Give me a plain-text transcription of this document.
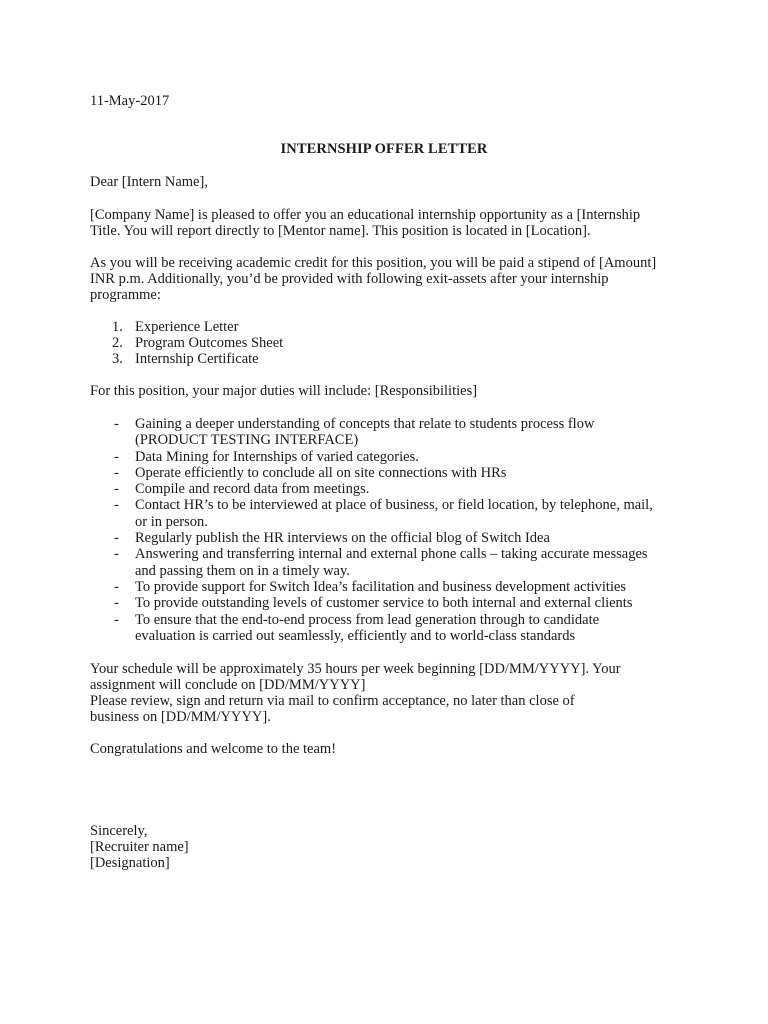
11-May-2017
INTERNSHIP OFFER LETTER
Dear [Intern Name],
[Company Name] is pleased to offer you an educational internship opportunity as a [Internship
Title. You will report directly to [Mentor name]. This position is located in [Location].
As you will be receiving academic credit for this position, you will be paid a stipend of [Amount]
INR p.m. Additionally, you’d be provided with following exit-assets after your internship
programme:
1. Experience Letter
2. Program Outcomes Sheet
3. Internship Certificate
For this position, your major duties will include: [Responsibilities]
- Gaining a deeper understanding of concepts that relate to students process flow
(PRODUCT TESTING INTERFACE)
- Data Mining for Internships of varied categories.
- Operate efficiently to conclude all on site connections with HRs
- Compile and record data from meetings.
- Contact HR’s to be interviewed at place of business, or field location, by telephone, mail,
or in person.
- Regularly publish the HR interviews on the official blog of Switch Idea
- Answering and transferring internal and external phone calls – taking accurate messages
and passing them on in a timely way.
- To provide support for Switch Idea’s facilitation and business development activities
- To provide outstanding levels of customer service to both internal and external clients
- To ensure that the end-to-end process from lead generation through to candidate
evaluation is carried out seamlessly, efficiently and to world-class standards
Your schedule will be approximately 35 hours per week beginning [DD/MM/YYYY]. Your
assignment will conclude on [DD/MM/YYYY]
Please review, sign and return via mail to confirm acceptance, no later than close of
business on [DD/MM/YYYY].
Congratulations and welcome to the team!
Sincerely,
[Recruiter name]
[Designation]
